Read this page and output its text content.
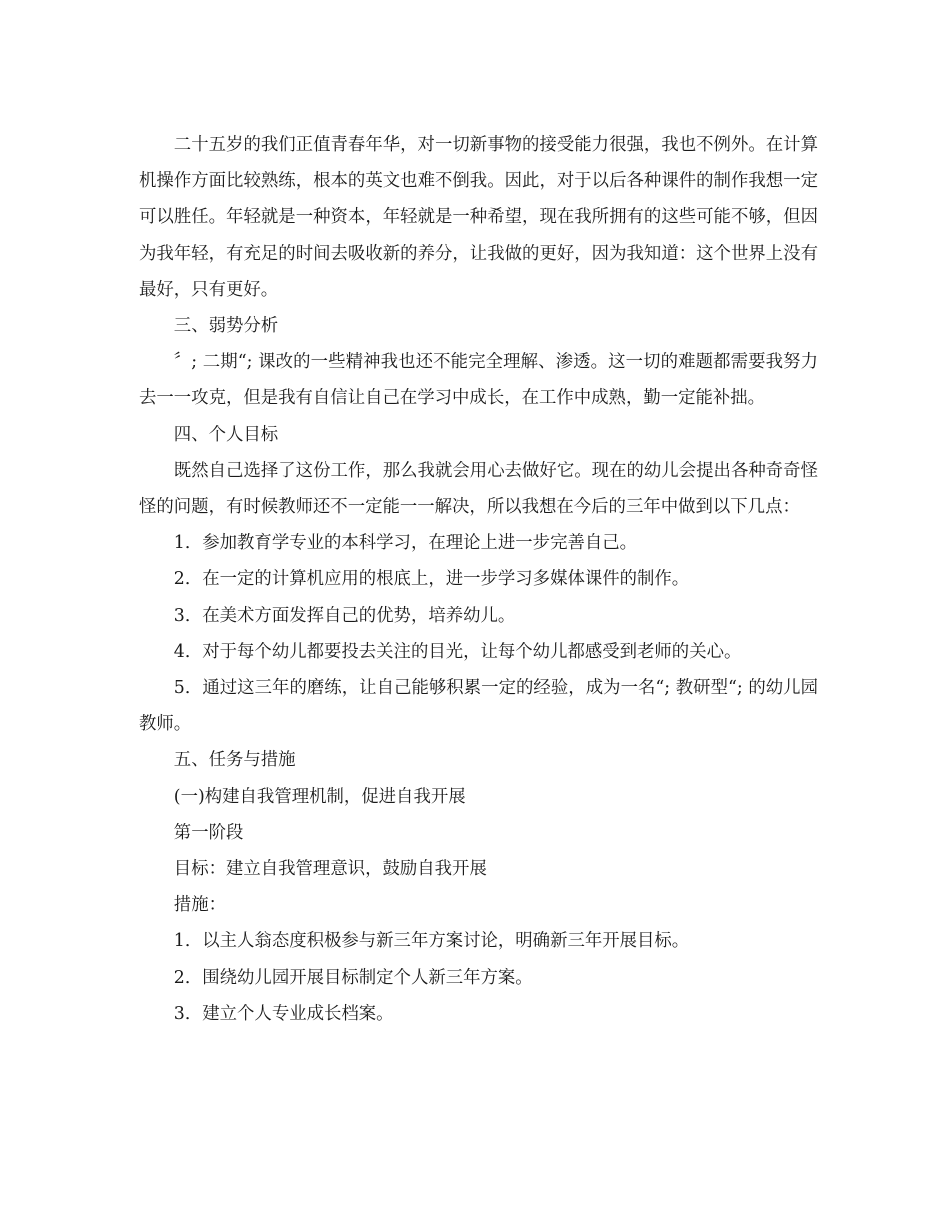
二十五岁的我们正值青春年华，对一切新事物的接受能力很强，我也不例外。在计算机操作方面比较熟练，根本的英文也难不倒我。因此，对于以后各种课件的制作我想一定可以胜任。年轻就是一种资本，年轻就是一种希望，现在我所拥有的这些可能不够，但因为我年轻，有充足的时间去吸收新的养分，让我做的更好，因为我知道：这个世界上没有最好，只有更好。

三、弱势分析

〞; 二期“; 课改的一些精神我也还不能完全理解、渗透。这一切的难题都需要我努力去一一攻克，但是我有自信让自己在学习中成长，在工作中成熟，勤一定能补拙。

四、个人目标

既然自己选择了这份工作，那么我就会用心去做好它。现在的幼儿会提出各种奇奇怪怪的问题，有时候教师还不一定能一一解决，所以我想在今后的三年中做到以下几点：

1．参加教育学专业的本科学习，在理论上进一步完善自己。

2．在一定的计算机应用的根底上，进一步学习多媒体课件的制作。

3．在美术方面发挥自己的优势，培养幼儿。

4．对于每个幼儿都要投去关注的目光，让每个幼儿都感受到老师的关心。

5．通过这三年的磨练，让自己能够积累一定的经验，成为一名“; 教研型“; 的幼儿园教师。

五、任务与措施

(一)构建自我管理机制，促进自我开展

第一阶段

目标：建立自我管理意识，鼓励自我开展

措施：

1．以主人翁态度积极参与新三年方案讨论，明确新三年开展目标。

2．围绕幼儿园开展目标制定个人新三年方案。

3．建立个人专业成长档案。
